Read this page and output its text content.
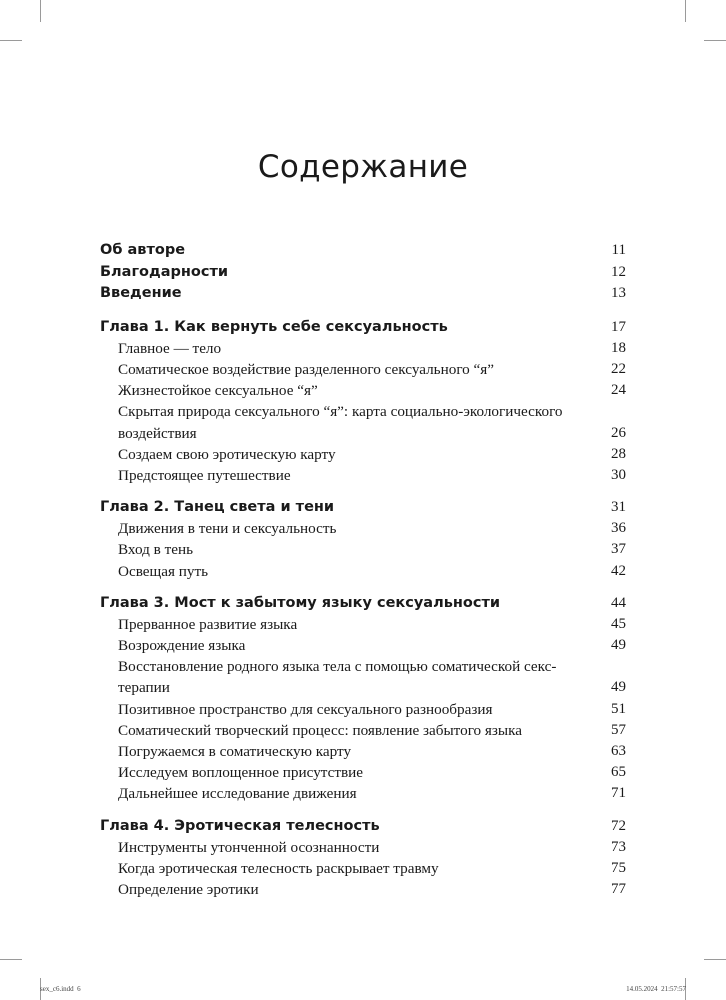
Содержание
Об авторе	11
Благодарности	12
Введение	13
Глава 1. Как вернуть себе сексуальность	17
Главное — тело	18
Соматическое воздействие разделенного сексуального “я”	22
Жизнестойкое сексуальное “я”	24
Скрытая природа сексуального “я”: карта социально-экологического воздействия	26
Создаем свою эротическую карту	28
Предстоящее путешествие	30
Глава 2. Танец света и тени	31
Движения в тени и сексуальность	36
Вход в тень	37
Освещая путь	42
Глава 3. Мост к забытому языку сексуальности	44
Прерванное развитие языка	45
Возрождение языка	49
Восстановление родного языка тела с помощью соматической секс-терапии	49
Позитивное пространство для сексуального разнообразия	51
Соматический творческий процесс: появление забытого языка	57
Погружаемся в соматическую карту	63
Исследуем воплощенное присутствие	65
Дальнейшее исследование движения	71
Глава 4. Эротическая телесность	72
Инструменты утонченной осознанности	73
Когда эротическая телесность раскрывает травму	75
Определение эротики	77
sex_c6.indd 6	14.05.2024 21:57:57
